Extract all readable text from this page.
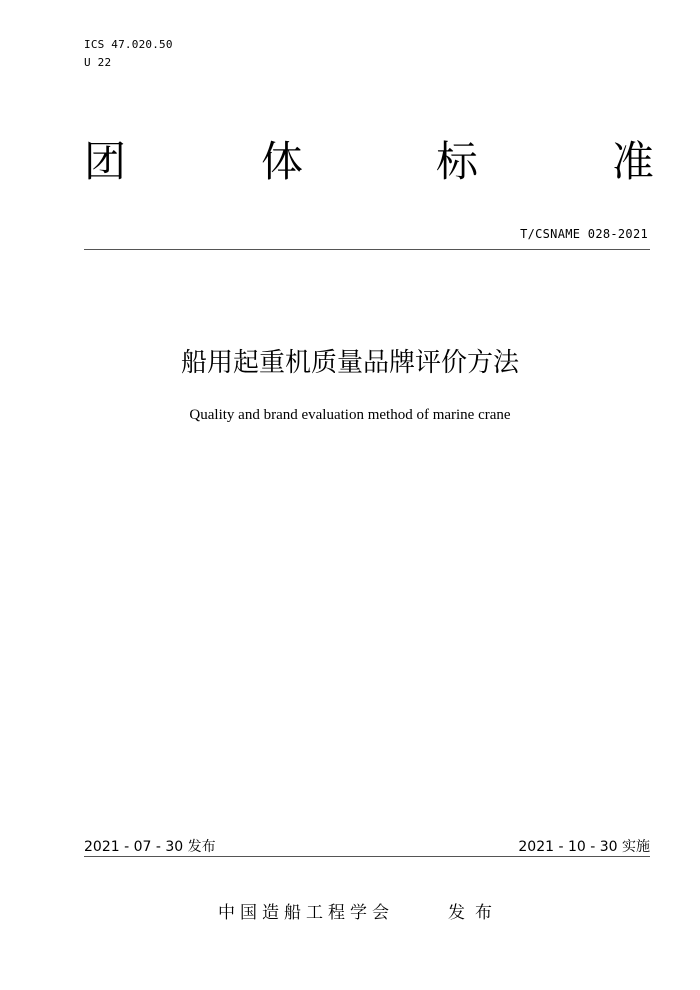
ICS 47.020.50
U 22
团	体	标	准
T/CSNAME 028-2021
船用起重机质量品牌评价方法
Quality and brand evaluation method of marine crane
2021 - 07 - 30 发布	2021 - 10 - 30 实施
中国造船工程学会	发布
